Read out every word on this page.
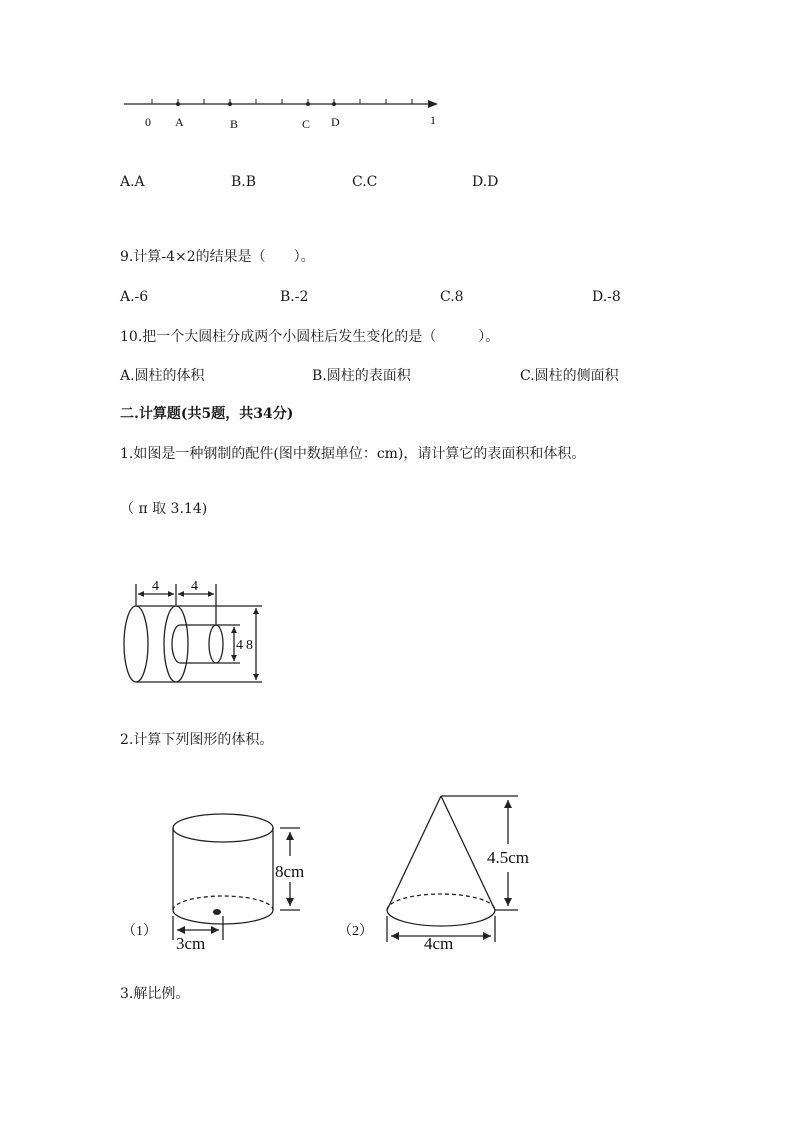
0 A	B	C D	1
A.A	B.B	C.C	D.D
9.计算-4×2的结果是（　　）。
A.-6	B.-2	C.8	D.-8
10.把一个大圆柱分成两个小圆柱后发生变化的是（　　　）。
A.圆柱的体积	B.圆柱的表面积	C.圆柱的侧面积
二.计算题(共5题，共34分)
1.如图是一种钢制的配件(图中数据单位：cm)，请计算它的表面积和体积。
（ π 取 3.14)
4 4
4 8
2.计算下列图形的体积。
8cm
3cm
（1）
4.5cm
4cm
（2）
3.解比例。
